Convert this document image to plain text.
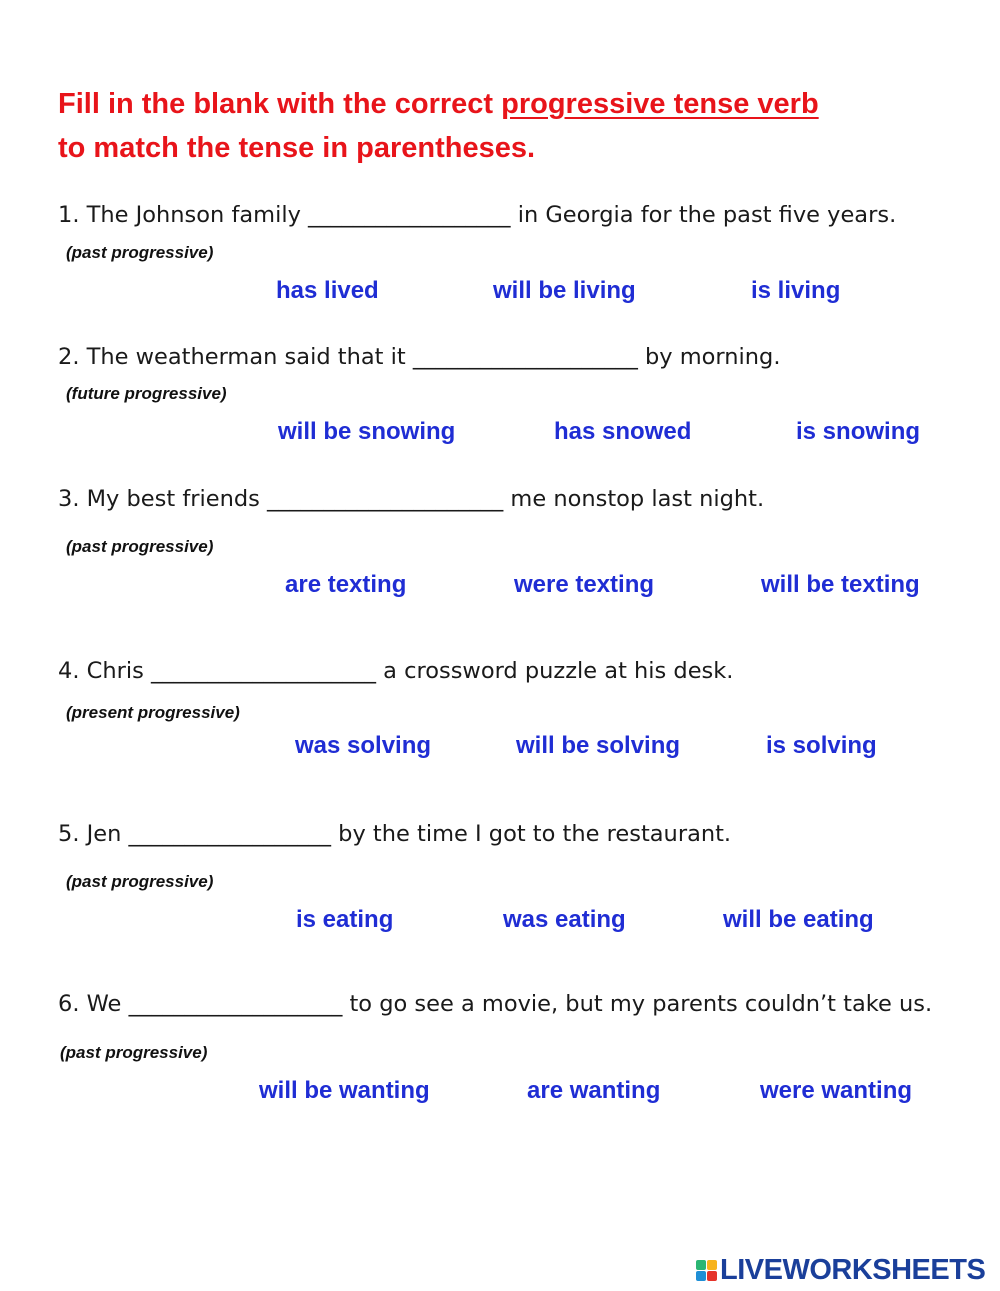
Fill in the blank with the correct progressive tense verb
to match the tense in parentheses.
1. The Johnson family __________________ in Georgia for the past five years.
(past progressive)
has lived	will be living	is living
2. The weatherman said that it ____________________ by morning.
(future progressive)
will be snowing	has snowed	is snowing
3. My best friends _____________________ me nonstop last night.
(past progressive)
are texting	were texting	will be texting
4. Chris ____________________ a crossword puzzle at his desk.
(present progressive)
was solving	will be solving	is solving
5. Jen __________________ by the time I got to the restaurant.
(past progressive)
is eating	was eating	will be eating
6. We ___________________ to go see a movie, but my parents couldn’t take us.
(past progressive)
will be wanting	are wanting	were wanting
LIVEWORKSHEETS
